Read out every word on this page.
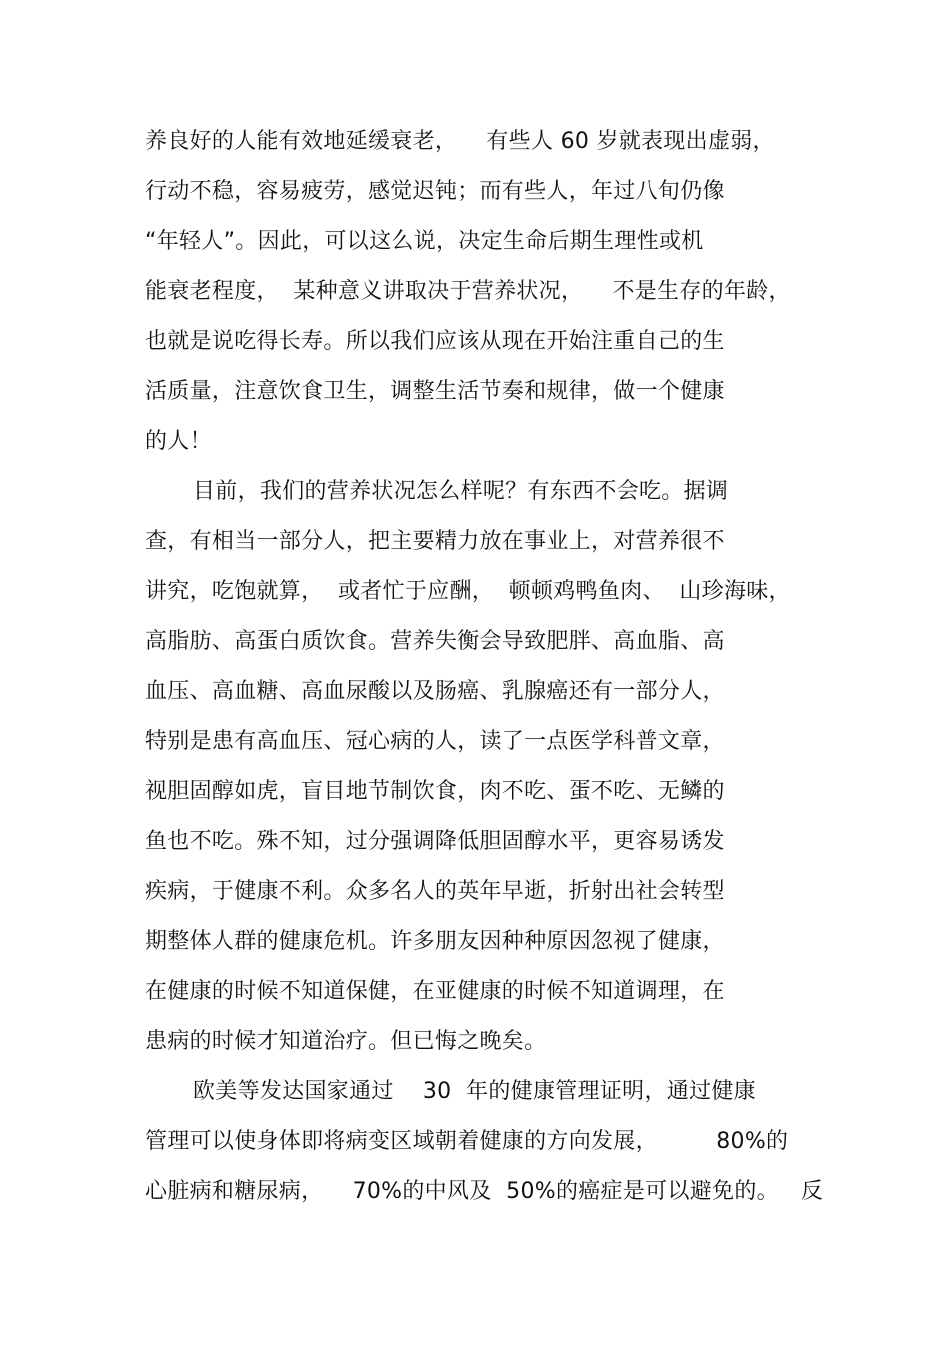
养良好的人能有效地延缓衰老，    有些人 60 岁就表现出虚弱，
行动不稳，容易疲劳，感觉迟钝；而有些人，年过八旬仍像
“年轻人”。因此，可以这么说，决定生命后期生理性或机
能衰老程度，  某种意义讲取决于营养状况，    不是生存的年龄，
也就是说吃得长寿。所以我们应该从现在开始注重自己的生
活质量，注意饮食卫生，调整生活节奏和规律，做一个健康
的人！
目前，我们的营养状况怎么样呢？有东西不会吃。据调
查，有相当一部分人，把主要精力放在事业上，对营养很不
讲究，吃饱就算，  或者忙于应酬，  顿顿鸡鸭鱼肉、  山珍海味，
高脂肪、高蛋白质饮食。营养失衡会导致肥胖、高血脂、高
血压、高血糖、高血尿酸以及肠癌、乳腺癌还有一部分人，
特别是患有高血压、冠心病的人，读了一点医学科普文章，
视胆固醇如虎，盲目地节制饮食，肉不吃、蛋不吃、无鳞的
鱼也不吃。殊不知，过分强调降低胆固醇水平，更容易诱发
疾病，于健康不利。众多名人的英年早逝，折射出社会转型
期整体人群的健康危机。许多朋友因种种原因忽视了健康，
在健康的时候不知道保健，在亚健康的时候不知道调理，在
患病的时候才知道治疗。但已悔之晚矣。
欧美等发达国家通过    30  年的健康管理证明，通过健康
管理可以使身体即将病变区域朝着健康的方向发展，        80%的
心脏病和糖尿病，    70%的中风及  50%的癌症是可以避免的。   反
